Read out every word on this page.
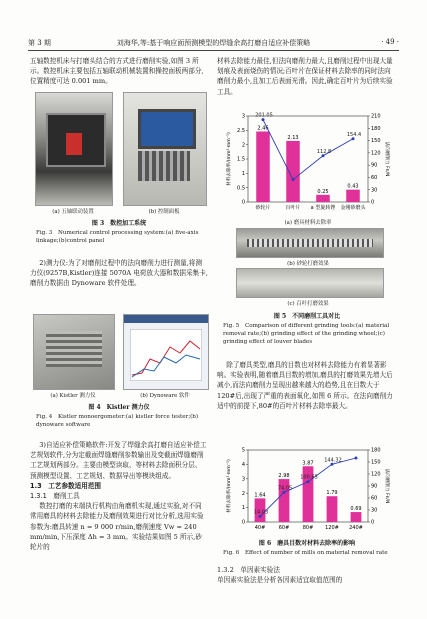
第 3 期	刘海华,等:基于响应面预测模型的焊缝余高打磨自适应补偿策略	· 49 ·

五轴数控机床与打磨头结合的方式进行磨削实验,如图 3 所示。数控机床主要包括五轴联动机械装置和操控面板两部分,位置精度可达 0.001 mm。

(a) 五轴联动装置	(b) 控制面板

图 3　数控加工系统

Fig. 3　Numerical control processing system:(a) five-axis linkage;(b)control panel

2)测力仪:为了对磨削过程中的法向磨削力进行测量,将测力仪(9257B,Kistler)连接 5070A 电荷放大器和数据采集卡,磨削力数据由 Dynoware 软件处理。

(a) Kistler 测力仪	(b) Dynoware 软件

图 4　Kistler 测力仪

Fig. 4　Kistler monoergometer:(a) kistler force tester;(b) dynoware software

3)自适应补偿策略软件:开发了焊缝余高打磨自适应补偿工艺规划软件,分为定截面焊缝磨削参数输出及变截面焊缝磨削工艺规划两部分。主要由模型读取、等材料去除面积分层、预测模型设置、工艺规划、数据导出等模块组成。

1.3　工艺参数适用范围

1.3.1　磨削工具

数控打磨的末端执行机构由角磨机实现,通过实验,对不同常用磨具的材料去除能力及磨削效果进行对比分析,选用实验参数为:磨具转速 n = 9 000 r/min,磨削速度 Vw = 240 mm/min,下压深度 Δh = 3 mm。实验结果如图 5 所示,砂轮片的

材料去除能力最佳,但法向磨削力最大,且磨削过程中出现大量划痕及表面烧伤的情况;百叶片在保证材料去除率的同时法向磨削力最小,且加工后表面光滑。因此,确定百叶片为后续实验工具。

0
0.5
1
1.5
2
2.5
3
0
30
60
90
120
150
180
210
2.46
砂轮片
2.13
百叶片
0.25
a 型旋转锉
0.43
金刚砂磨头
201.05
112.8
154.4
材料去除率/(mm³·mm⁻¹)	法向磨削力 Fn/N
(a) 磨具材料去除率
(b) 砂轮打磨效果
(c) 百叶打磨效果

图 5　不同磨削工具对比

Fig. 5　Comparison of different grinding tools:(a) material removal rate;(b) grinding effect of the grinding wheel;(c) grinding effect of louver blades

除了磨具类型,磨具的目数也对材料去除能力有着显著影响。实验表明,随着磨具目数的增加,磨具的打磨效果先增大后减小,而法向磨削力呈现出越来越大的趋势,且在目数大于 120#后,出现了严重的表面氧化,如图 6 所示。在法向磨削力适中的前提下,80#的百叶片材料去除率最大。

0
1
2
3
4
5
0
30
60
90
120
150
180
1.64
40#
2.98
60#
3.87
80#
1.79
120#
0.69
240#
14.03
74.05
100.65
144.32
材料去除率/(mm³·mm⁻¹)	法向磨削力 Fn/N

图 6　磨具目数对材料去除率的影响

Fig. 6　Effect of number of mills on material removal rate

1.3.2　单因素实验法

单因素实验法是分析各因素适宜取值范围的
